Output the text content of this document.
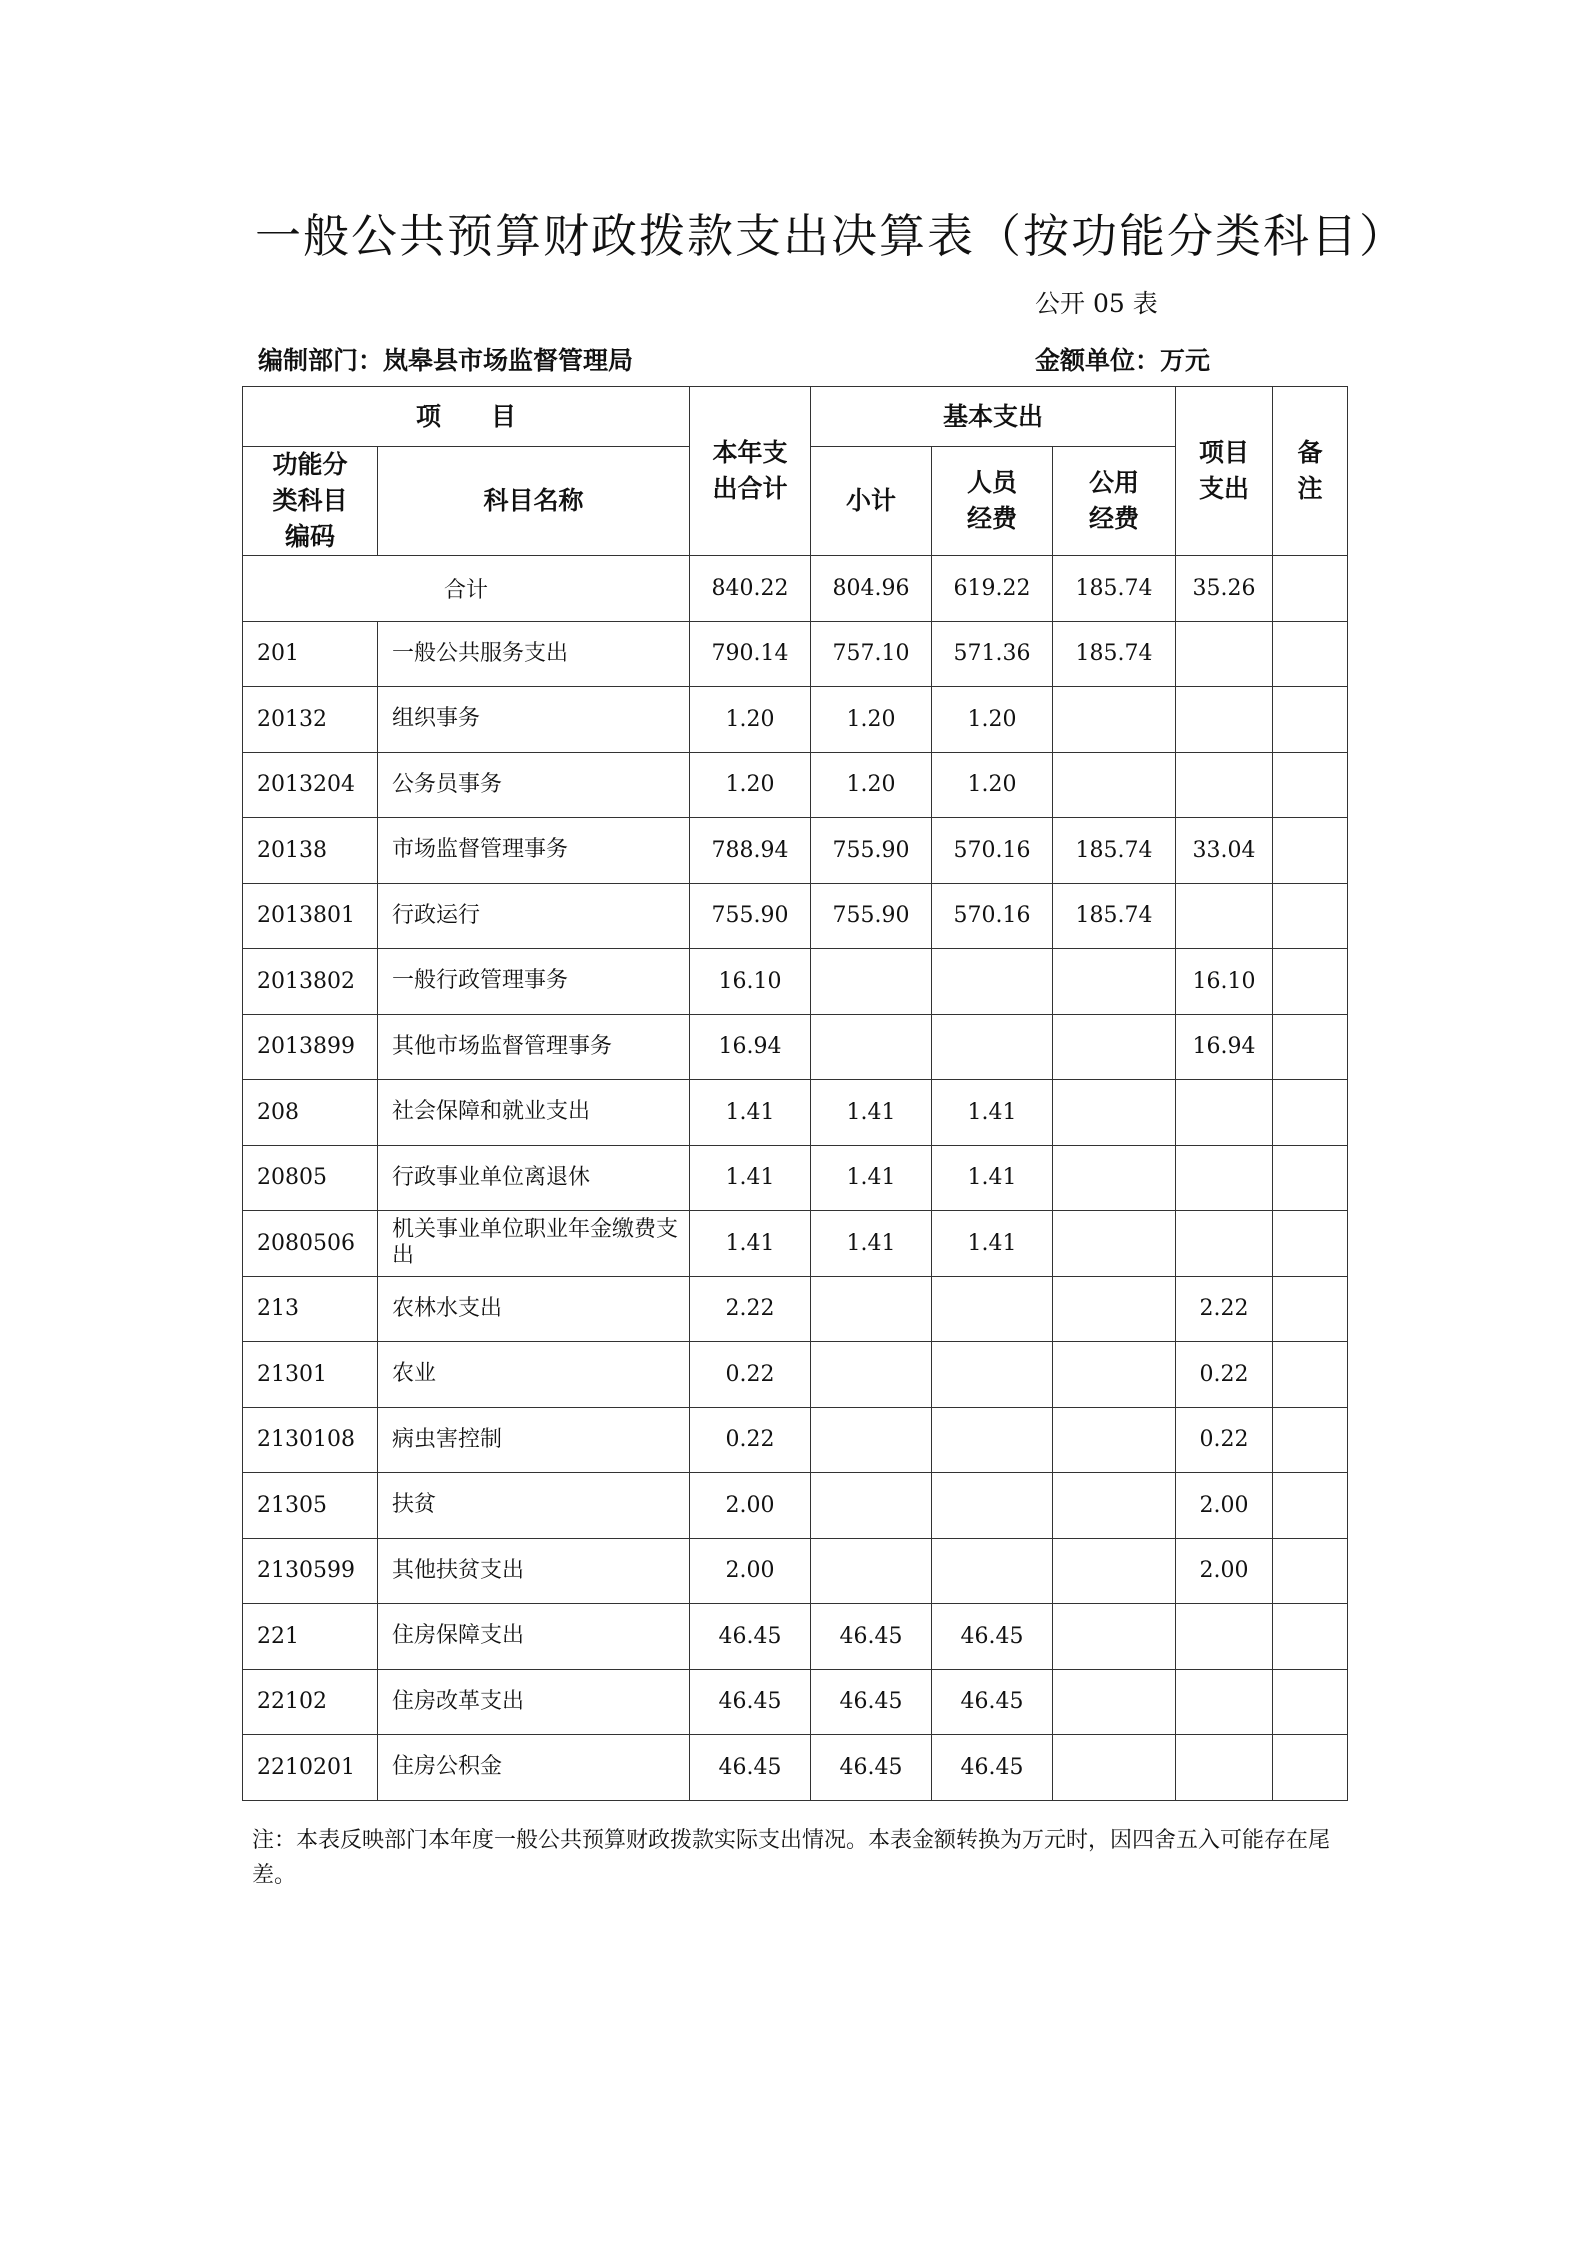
一般公共预算财政拨款支出决算表（按功能分类科目）
公开 05 表
编制部门：岚皋县市场监督管理局	金额单位：万元
项　　目		本年支出合计	基本支出			项目支出	备注

功能分类科目编码	科目名称		小计	人员经费	公用经费		

合计		840.22	804.96	619.22	185.74	35.26	
201	一般公共服务支出	790.14	757.10	571.36	185.74		
20132	组织事务	1.20	1.20	1.20			
2013204	公务员事务	1.20	1.20	1.20			
20138	市场监督管理事务	788.94	755.90	570.16	185.74	33.04	
2013801	行政运行	755.90	755.90	570.16	185.74		
2013802	一般行政管理事务	16.10				16.10	
2013899	其他市场监督管理事务	16.94				16.94	
208	社会保障和就业支出	1.41	1.41	1.41			
20805	行政事业单位离退休	1.41	1.41	1.41			
2080506	机关事业单位职业年金缴费支出	1.41	1.41	1.41			
213	农林水支出	2.22				2.22	
21301	农业	0.22				0.22	
2130108	病虫害控制	0.22				0.22	
21305	扶贫	2.00				2.00	
2130599	其他扶贫支出	2.00				2.00	
221	住房保障支出	46.45	46.45	46.45			
22102	住房改革支出	46.45	46.45	46.45			
2210201	住房公积金	46.45	46.45	46.45			
注：本表反映部门本年度一般公共预算财政拨款实际支出情况。本表金额转换为万元时，因四舍五入可能存在尾差。
